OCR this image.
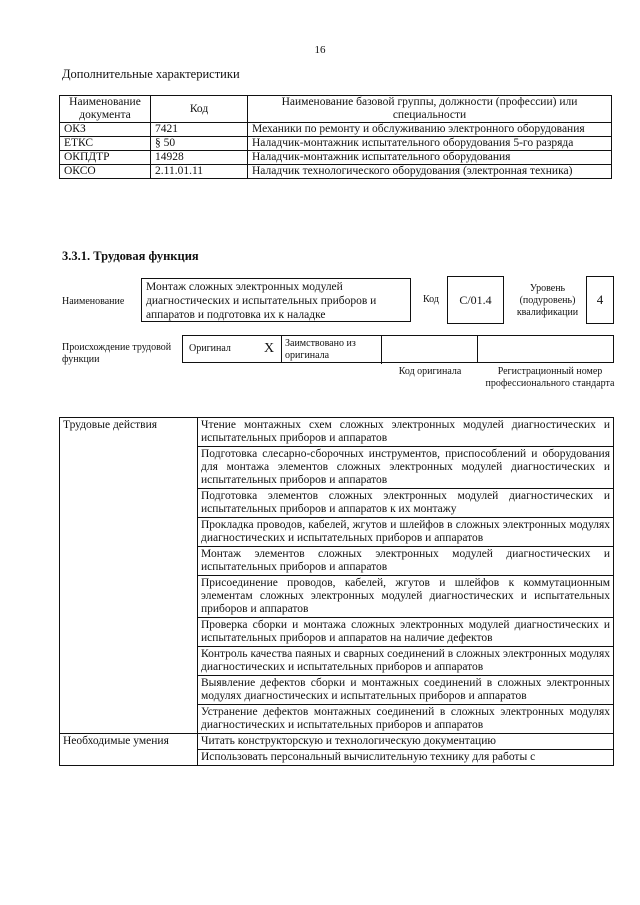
16
Дополнительные характеристики
Наименование документа	Код	Наименование базовой группы, должности (профессии) или специальности
ОКЗ	7421	Механики по ремонту и обслуживанию электронного оборудования
ЕТКС	§ 50	Наладчик-монтажник испытательного оборудования 5-го разряда
ОКПДТР	14928	Наладчик-монтажник испытательного оборудования
ОКСО	2.11.01.11	Наладчик технологического оборудования (электронная техника)
3.3.1. Трудовая функция
Наименование
Монтаж сложных электронных модулей диагностических и испытательных приборов и аппаратов и подготовка их к наладке
Код	C/01.4
Уровень (подуровень) квалификации
4
Происхождение трудовой функции
Оригинал	X	Заимствовано из оригинала
Код оригинала	Регистрационный номер профессионального стандарта
Трудовые действия	Чтение монтажных схем сложных электронных модулей диагностических и испытательных приборов и аппаратов
	Подготовка слесарно-сборочных инструментов, приспособлений и оборудования для монтажа элементов сложных электронных модулей диагностических и испытательных приборов и аппаратов
	Подготовка элементов сложных электронных модулей диагностических и испытательных приборов и аппаратов к их монтажу
	Прокладка проводов, кабелей, жгутов и шлейфов в сложных электронных модулях диагностических и испытательных приборов и аппаратов
	Монтаж элементов сложных электронных модулей диагностических и испытательных приборов и аппаратов
	Присоединение проводов, кабелей, жгутов и шлейфов к коммутационным элементам сложных электронных модулей диагностических и испытательных приборов и аппаратов
	Проверка сборки и монтажа сложных электронных модулей диагностических и испытательных приборов и аппаратов на наличие дефектов
	Контроль качества паяных и сварных соединений в сложных электронных модулях диагностических и испытательных приборов и аппаратов
	Выявление дефектов сборки и монтажных соединений в сложных электронных модулях диагностических и испытательных приборов и аппаратов
	Устранение дефектов монтажных соединений в сложных электронных модулях диагностических и испытательных приборов и аппаратов
Необходимые умения	Читать конструкторскую и технологическую документацию
	Использовать персональный вычислительную технику для работы с
